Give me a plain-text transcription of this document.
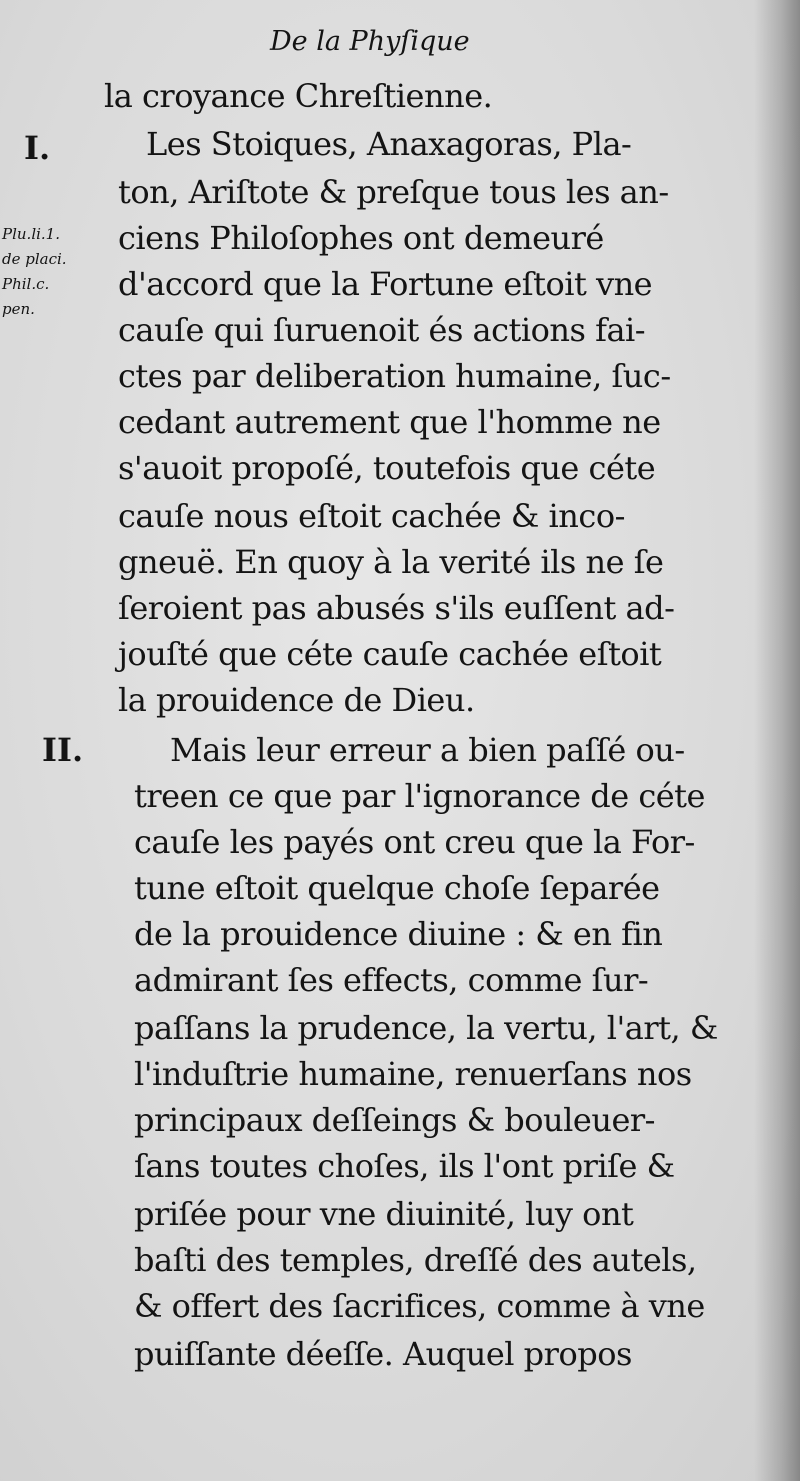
De la Phyſique
I.
II.
Plu.li.1.
de placi.
Phil.c.
pen.
la croyance Chreſtienne.
Les Stoiques, Anaxagoras, Pla-
ton, Ariſtote & preſque tous les an-
ciens Philoſophes ont demeuré
d'accord que la Fortune eſtoit vne
cauſe qui ſuruenoit és actions fai-
ctes par deliberation humaine, ſuc-
cedant autrement que l'homme ne
s'auoit propoſé, toutefois que céte
cauſe nous eſtoit cachée & inco-
gneuë. En quoy à la verité ils ne ſe
ſeroient pas abusés s'ils euſſent ad-
jouſté que céte cauſe cachée eſtoit
la prouidence de Dieu.
Mais leur erreur a bien paſſé ou-
treen ce que par l'ignorance de céte
cauſe les payés ont creu que la For-
tune eſtoit quelque choſe ſeparée
de la prouidence diuine : & en fin
admirant ſes effects, comme ſur-
paſſans la prudence, la vertu, l'art, &
l'induſtrie humaine, renuerſans nos
principaux deſſeings & bouleuer-
ſans toutes choſes, ils l'ont priſe &
priſée pour vne diuinité, luy ont
baſti des temples, dreſſé des autels,
& offert des ſacrifices, comme à vne
puiſſante déeſſe. Auquel propos
